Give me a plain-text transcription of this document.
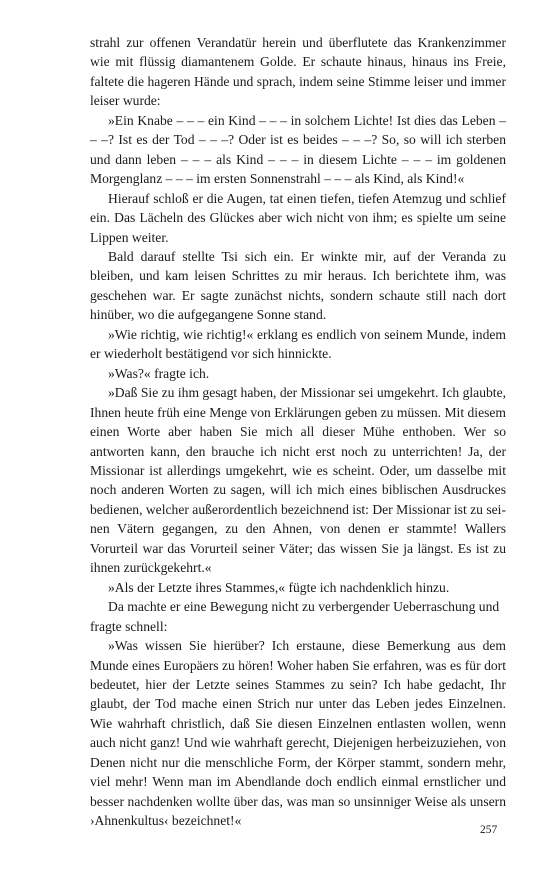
strahl zur offenen Verandatür herein und überflutete das Krankenzimmer wie mit flüssig diamantenem Golde. Er schaute hinaus, hinaus ins Freie, faltete die hageren Hände und sprach, indem seine Stimme leiser und immer leiser wurde:

»Ein Knabe – – – ein Kind – – – in solchem Lichte! Ist dies das Leben – – –? Ist es der Tod – – –? Oder ist es beides – – –? So, so will ich sterben und dann leben – – – als Kind – – – in diesem Lichte – – – im goldenen Morgenglanz – – – im ersten Sonnenstrahl – – – als Kind, als Kind!«

Hierauf schloß er die Augen, tat einen tiefen, tiefen Atemzug und schlief ein. Das Lächeln des Glückes aber wich nicht von ihm; es spielte um seine Lippen weiter.

Bald darauf stellte Tsi sich ein. Er winkte mir, auf der Veranda zu bleiben, und kam leisen Schrittes zu mir heraus. Ich berichtete ihm, was geschehen war. Er sagte zunächst nichts, sondern schaute still nach dort hinüber, wo die aufgegangene Sonne stand.

»Wie richtig, wie richtig!« erklang es endlich von seinem Munde, indem er wiederholt bestätigend vor sich hinnickte.

»Was?« fragte ich.

»Daß Sie zu ihm gesagt haben, der Missionar sei umgekehrt. Ich glaubte, Ihnen heute früh eine Menge von Erklärungen geben zu müssen. Mit diesem einen Worte aber haben Sie mich all dieser Mühe enthoben. Wer so antworten kann, den brauche ich nicht erst noch zu unterrichten! Ja, der Missionar ist allerdings umgekehrt, wie es scheint. Oder, um dasselbe mit noch anderen Worten zu sagen, will ich mich eines biblischen Ausdruckes bedienen, welcher außerordentlich bezeichnend ist: Der Missionar ist zu seinen Vätern gegangen, zu den Ahnen, von denen er stammte! Wallers Vorurteil war das Vorurteil seiner Väter; das wissen Sie ja längst. Es ist zu ihnen zurückgekehrt.«

»Als der Letzte ihres Stammes,« fügte ich nachdenklich hinzu.

Da machte er eine Bewegung nicht zu verbergender Ueberraschung und fragte schnell:

»Was wissen Sie hierüber? Ich erstaune, diese Bemerkung aus dem Munde eines Europäers zu hören! Woher haben Sie erfahren, was es für dort bedeutet, hier der Letzte seines Stammes zu sein? Ich habe gedacht, Ihr glaubt, der Tod mache einen Strich nur unter das Leben jedes Einzelnen. Wie wahrhaft christlich, daß Sie diesen Einzelnen entlasten wollen, wenn auch nicht ganz! Und wie wahrhaft gerecht, Diejenigen herbeizuziehen, von Denen nicht nur die menschliche Form, der Körper stammt, sondern mehr, viel mehr! Wenn man im Abendlande doch endlich einmal ernstlicher und besser nachdenken wollte über das, was man so unsinniger Weise als unsern ›Ahnenkultus‹ bezeichnet!«

257
